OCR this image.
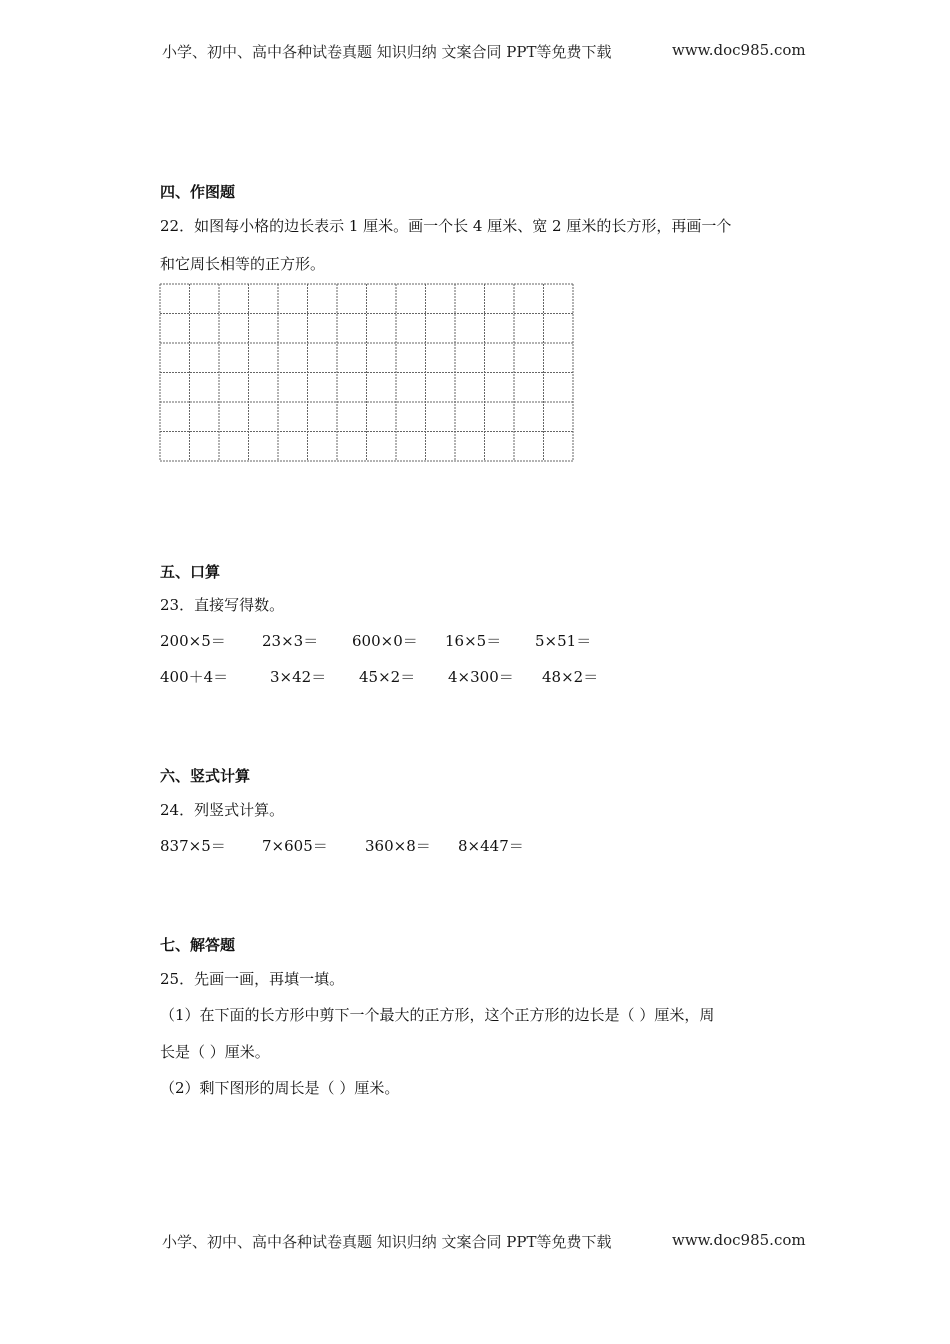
小学、初中、高中各种试卷真题 知识归纳 文案合同 PPT等免费下载	www.doc985.com
四、作图题
22．如图每小格的边长表示 1 厘米。画一个长 4 厘米、宽 2 厘米的长方形，再画一个
和它周长相等的正方形。
五、口算
23．直接写得数。
200×5＝ 23×3＝ 600×0＝ 16×5＝ 5×51＝
400＋4＝	3×42＝ 45×2＝ 4×300＝ 48×2＝
六、竖式计算
24．列竖式计算。
837×5＝ 7×605＝ 360×8＝ 8×447＝
七、解答题
25．先画一画，再填一填。
（1）在下面的长方形中剪下一个最大的正方形，这个正方形的边长是（ ）厘米，周
长是（ ）厘米。
（2）剩下图形的周长是（ ）厘米。
小学、初中、高中各种试卷真题 知识归纳 文案合同 PPT等免费下载	www.doc985.com
